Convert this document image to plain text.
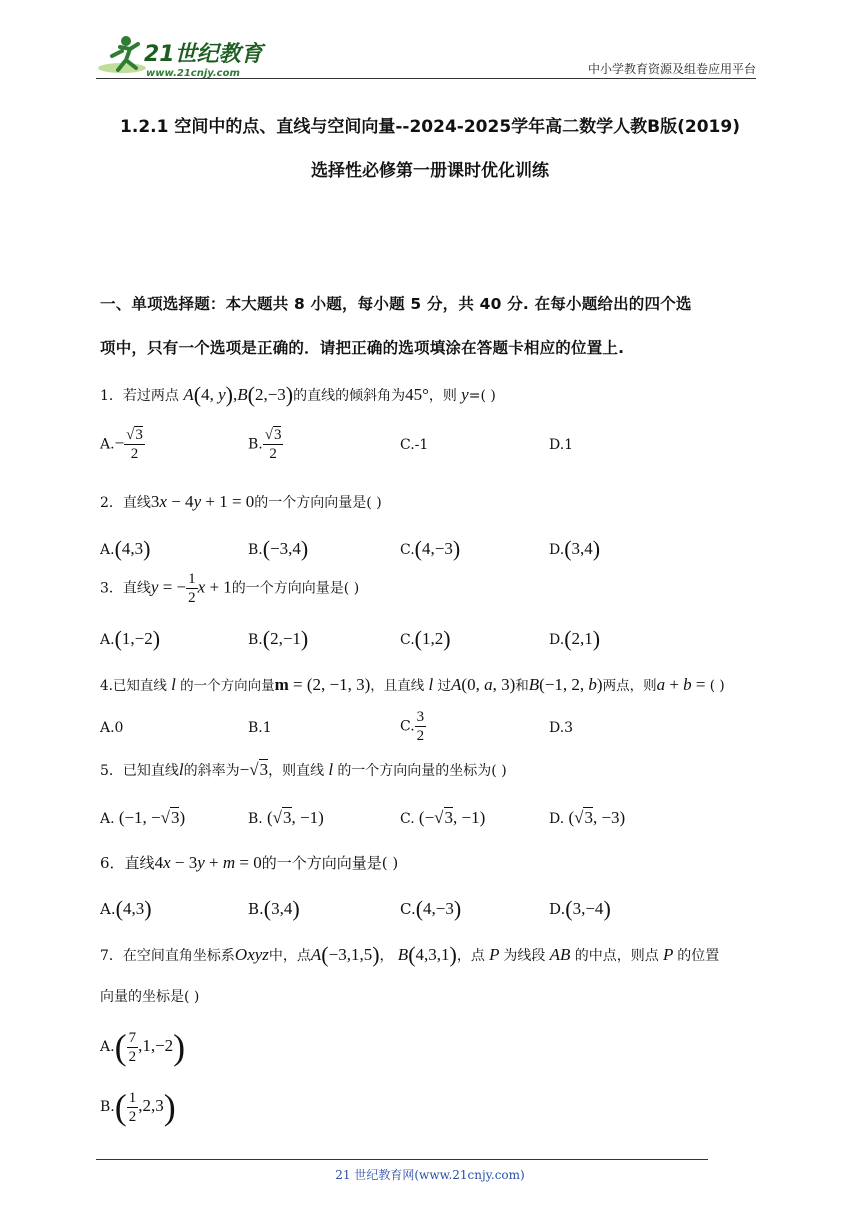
21世纪教育
www.21cnjy.com	中小学教育资源及组卷应用平台
1.2.1 空间中的点、直线与空间向量--2024-2025学年高二数学人教B版(2019)
选择性必修第一册课时优化训练
一、单项选择题：本大题共 8 小题，每小题 5 分，共 40 分. 在每小题给出的四个选
项中，只有一个选项是正确的．请把正确的选项填涂在答题卡相应的位置上.
1．若过两点 A(4, y),B(2,−3)的直线的倾斜角为45°，则 y=( )
$A.- \frac{√3}{2}$	B. $\frac{√3}{2}$	C.-1	D.1
2．直线3x − 4y + 1 = 0的一个方向向量是( )
A.(4,3)	B.(−3,4)	C.(4,−3)	D.(3,4)
3．直线y = − $\frac{1}{2}$ x + 1的一个方向向量是( )
A.(1,−2)	B.(2,−1)	C.(1,2)	D.(2,1)
4.已知直线 l 的一个方向向量m = (2, −1, 3)，且直线 l 过A(0, a, 3)和B(−1, 2, b)两点，则a + b = ( )
A.0	B.1	C. $\frac{3}{2}$	D.3
5．已知直线l的斜率为−√3，则直线 l 的一个方向向量的坐标为( )
A. (−1, −√3)	B. (√3, −1)	C. (−√3, −1)	D. (√3, −3)
6．直线4x − 3y + m = 0的一个方向向量是( )
A.(4,3)	B.(3,4)	C.(4,−3)	D.(3,−4)
7．在空间直角坐标系Oxyz中，点A(−3,1,5)， B(4,3,1)，点 P 为线段 AB 的中点，则点 P 的位置
向量的坐标是( )
$A.( \frac{7}{2} ,1,-2)$
$B.( \frac{1}{2} ,2,3)$
21 世纪教育网(www.21cnjy.com)
